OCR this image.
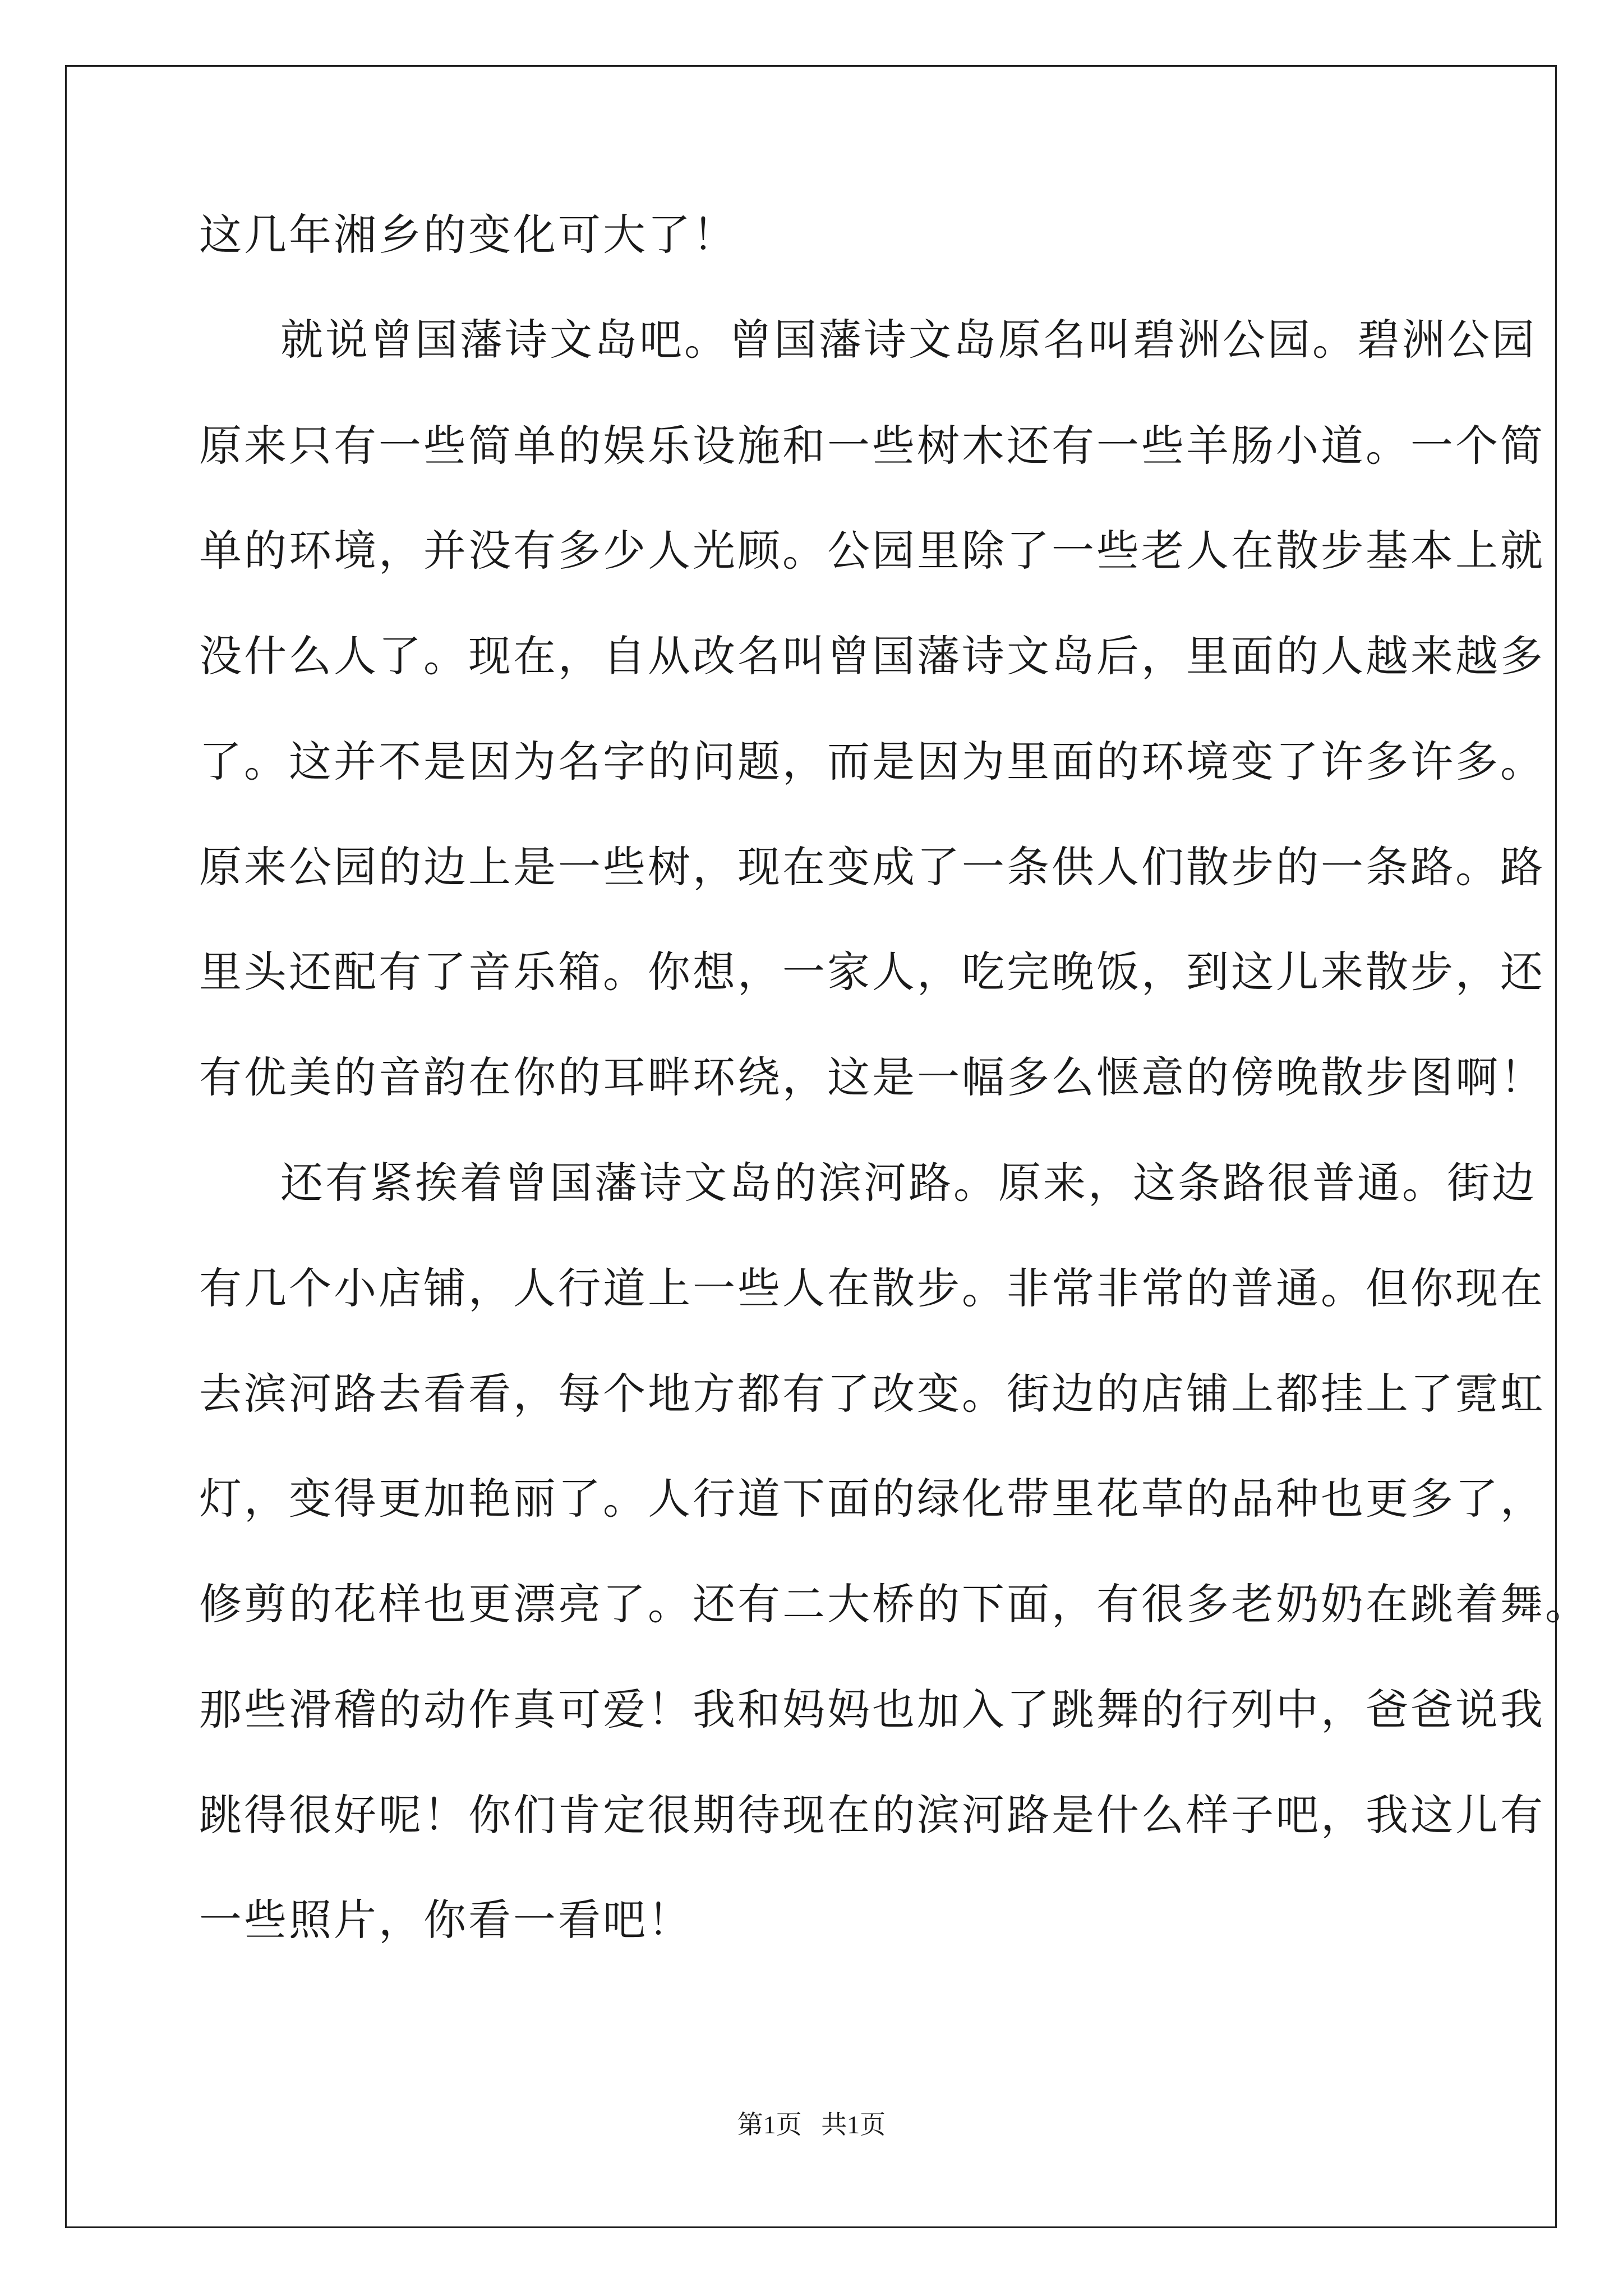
这几年湘乡的变化可大了！
就说曾国藩诗文岛吧。曾国藩诗文岛原名叫碧洲公园。碧洲公园
原来只有一些简单的娱乐设施和一些树木还有一些羊肠小道。一个简
单的环境，并没有多少人光顾。公园里除了一些老人在散步基本上就
没什么人了。现在，自从改名叫曾国藩诗文岛后，里面的人越来越多
了。这并不是因为名字的问题，而是因为里面的环境变了许多许多。
原来公园的边上是一些树，现在变成了一条供人们散步的一条路。路
里头还配有了音乐箱。你想，一家人，吃完晚饭，到这儿来散步，还
有优美的音韵在你的耳畔环绕，这是一幅多么惬意的傍晚散步图啊！
还有紧挨着曾国藩诗文岛的滨河路。原来，这条路很普通。街边
有几个小店铺，人行道上一些人在散步。非常非常的普通。但你现在
去滨河路去看看，每个地方都有了改变。街边的店铺上都挂上了霓虹
灯，变得更加艳丽了。人行道下面的绿化带里花草的品种也更多了，
修剪的花样也更漂亮了。还有二大桥的下面，有很多老奶奶在跳着舞。
那些滑稽的动作真可爱！我和妈妈也加入了跳舞的行列中，爸爸说我
跳得很好呢！你们肯定很期待现在的滨河路是什么样子吧，我这儿有
一些照片，你看一看吧！
第1页   共1页
